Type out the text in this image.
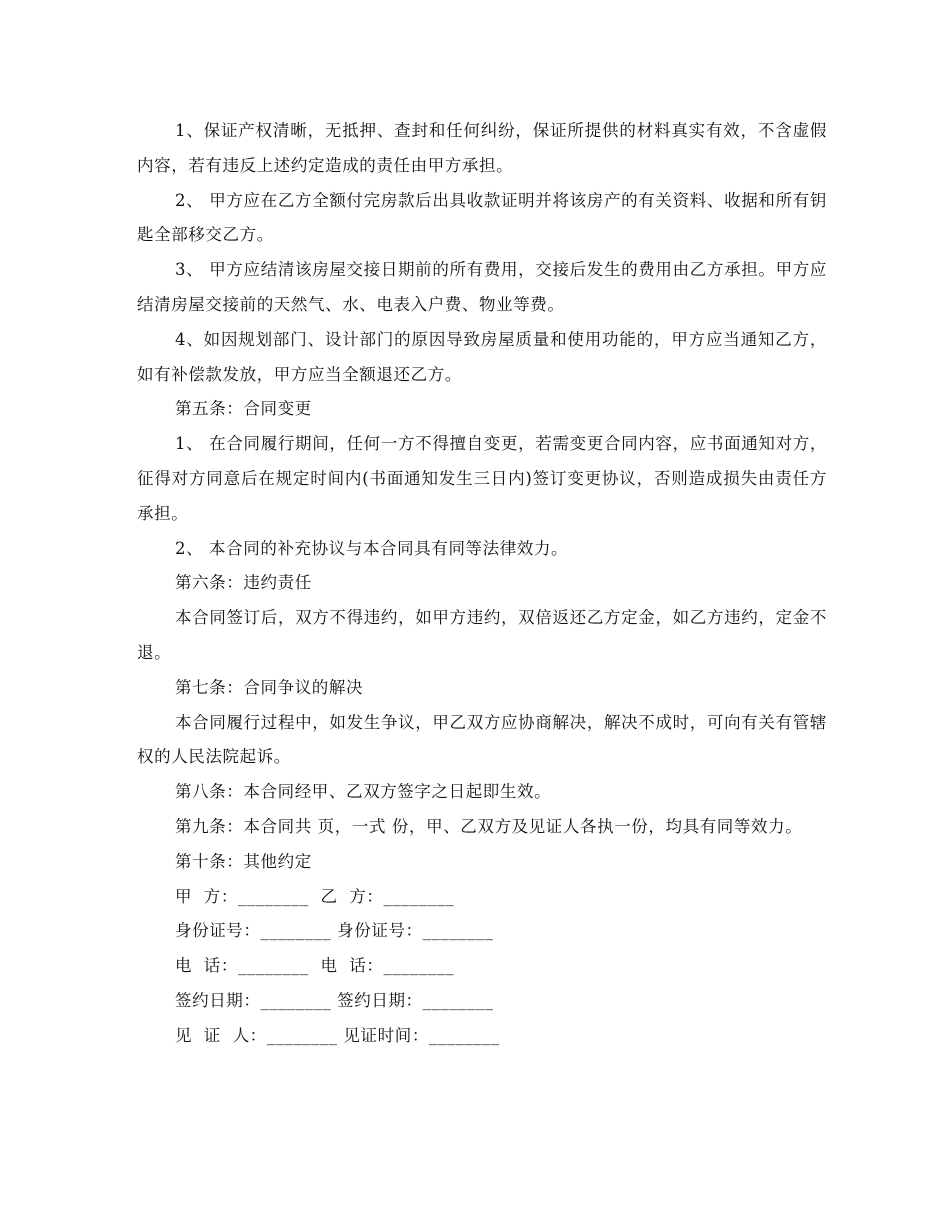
1、保证产权清晰，无抵押、查封和任何纠纷，保证所提供的材料真实有效，不含虚假内容，若有违反上述约定造成的责任由甲方承担。

2、 甲方应在乙方全额付完房款后出具收款证明并将该房产的有关资料、收据和所有钥匙全部移交乙方。

3、 甲方应结清该房屋交接日期前的所有费用，交接后发生的费用由乙方承担。甲方应结清房屋交接前的天然气、水、电表入户费、物业等费。

4、如因规划部门、设计部门的原因导致房屋质量和使用功能的，甲方应当通知乙方，如有补偿款发放，甲方应当全额退还乙方。

第五条：合同变更

1、 在合同履行期间，任何一方不得擅自变更，若需变更合同内容，应书面通知对方，征得对方同意后在规定时间内(书面通知发生三日内)签订变更协议，否则造成损失由责任方承担。

2、 本合同的补充协议与本合同具有同等法律效力。

第六条：违约责任

本合同签订后，双方不得违约，如甲方违约，双倍返还乙方定金，如乙方违约，定金不退。

第七条：合同争议的解决

本合同履行过程中，如发生争议，甲乙双方应协商解决，解决不成时，可向有关有管辖权的人民法院起诉。

第八条：本合同经甲、乙双方签字之日起即生效。

第九条：本合同共 页，一式 份，甲、乙双方及见证人各执一份，均具有同等效力。

第十条：其他约定

甲  方：________  乙  方：________

身份证号：________ 身份证号：________

电  话：________  电  话：________

签约日期：________ 签约日期：________

见  证  人：________ 见证时间：________
